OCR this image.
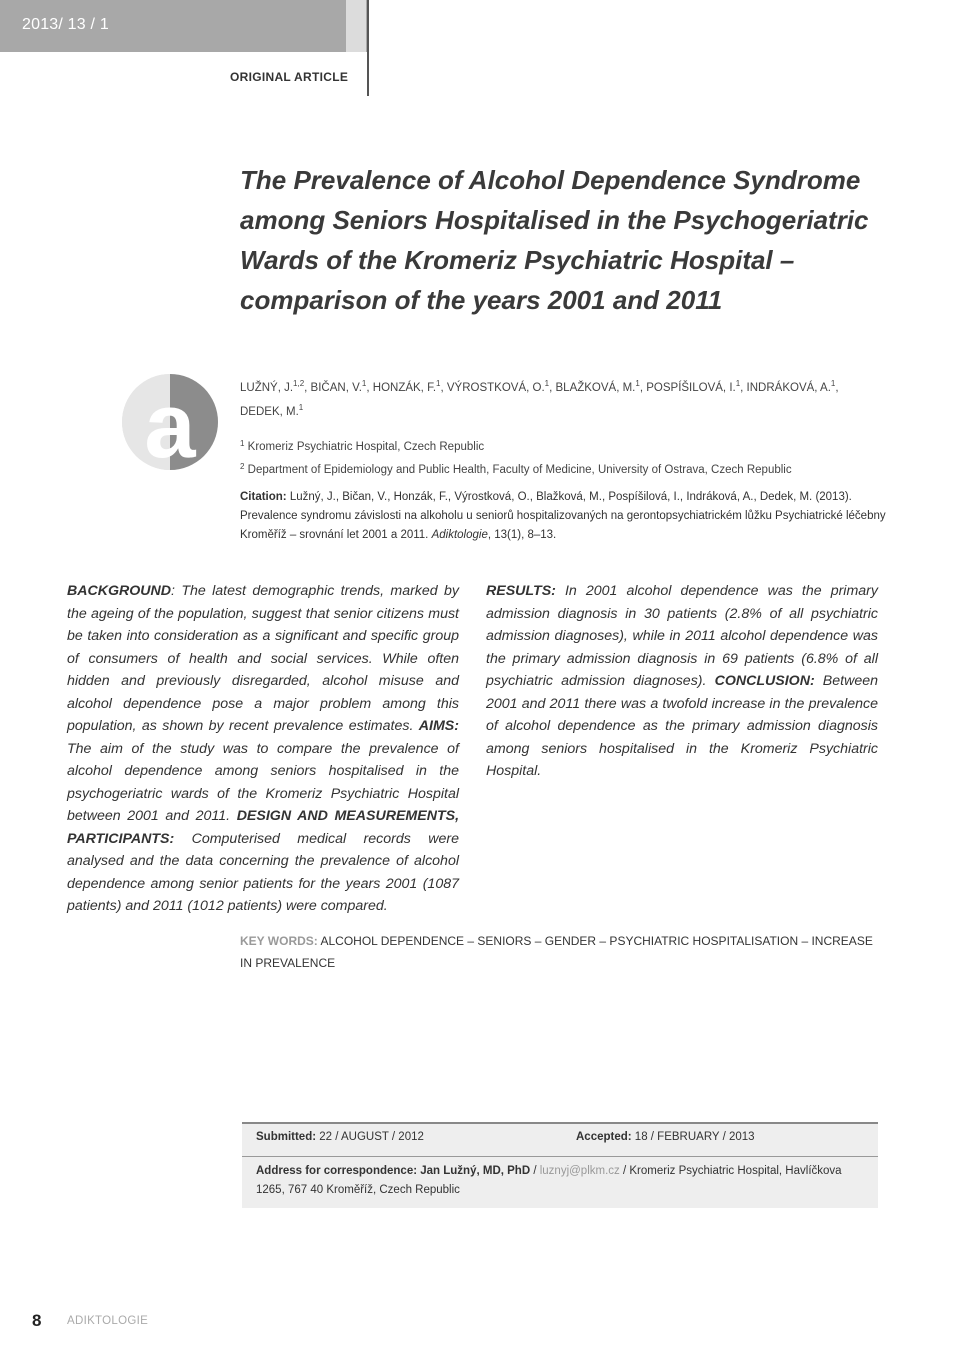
2013/ 13 / 1
ORIGINAL ARTICLE
The Prevalence of Alcohol Dependence Syndrome
among Seniors Hospitalised in the Psychogeriatric
Wards of the Kromeriz Psychiatric Hospital –
comparison of the years 2001 and 2011
a	LUŽNÝ, J.$^{1,2}$, BIČAN, V.$^1$, HONZÁK, F.$^1$, VÝROSTKOVÁ, O.$^1$, BLAŽKOVÁ, M.$^1$, POSPÍŠILOVÁ, I.$^1$, INDRÁKOVÁ, A.$^1$,
DEDEK, M.$^1$
$^1$ Kromeriz Psychiatric Hospital, Czech Republic
$^2$ Department of Epidemiology and Public Health, Faculty of Medicine, University of Ostrava, Czech Republic
Citation: Lužný, J., Bičan, V., Honzák, F., Výrostková, O., Blažková, M., Pospíšilová, I., Indráková, A., Dedek, M. (2013). Prevalence syndromu závislosti na alkoholu u seniorů hospitalizovaných na gerontopsychiatrickém lůžku Psychiatrické léčebny Kroměříž – srovnání let 2001 a 2011. Adiktologie, 13(1), 8–13.
BACKGROUND: The latest demographic trends, marked by the ageing of the population, suggest that senior citizens must be taken into consideration as a significant and specific group of consumers of health and social services. While often hidden and previously disregarded, alcohol misuse and alcohol dependence pose a major problem among this population, as shown by recent prevalence estimates. AIMS: The aim of the study was to compare the prevalence of alcohol dependence among seniors hospitalised in the psychogeriatric wards of the Kromeriz Psychiatric Hospital between 2001 and 2011. DESIGN AND MEASUREMENTS, PARTICIPANTS: Computerised medical records were analysed and the data concerning the prevalence of alcohol dependence among senior patients for the years 2001 (1087 patients) and 2011 (1012 patients) were compared.
RESULTS: In 2001 alcohol dependence was the primary admission diagnosis in 30 patients (2.8% of all psychiatric admission diagnoses), while in 2011 alcohol dependence was the primary admission diagnosis in 69 patients (6.8% of all psychiatric admission diagnoses). CONCLUSION: Between 2001 and 2011 there was a twofold increase in the prevalence of alcohol dependence as the primary admission diagnosis among seniors hospitalised in the Kromeriz Psychiatric Hospital.
KEY WORDS: ALCOHOL DEPENDENCE – SENIORS – GENDER – PSYCHIATRIC HOSPITALISATION – INCREASE IN PREVALENCE
Submitted: 22 / AUGUST / 2012	Accepted: 18 / FEBRUARY / 2013
Address for correspondence: Jan Lužný, MD, PhD / luznyj@plkm.cz / Kromeriz Psychiatric Hospital, Havlíčkova 1265, 767 40 Kroměříž, Czech Republic
8 ADIKTOLOGIE
